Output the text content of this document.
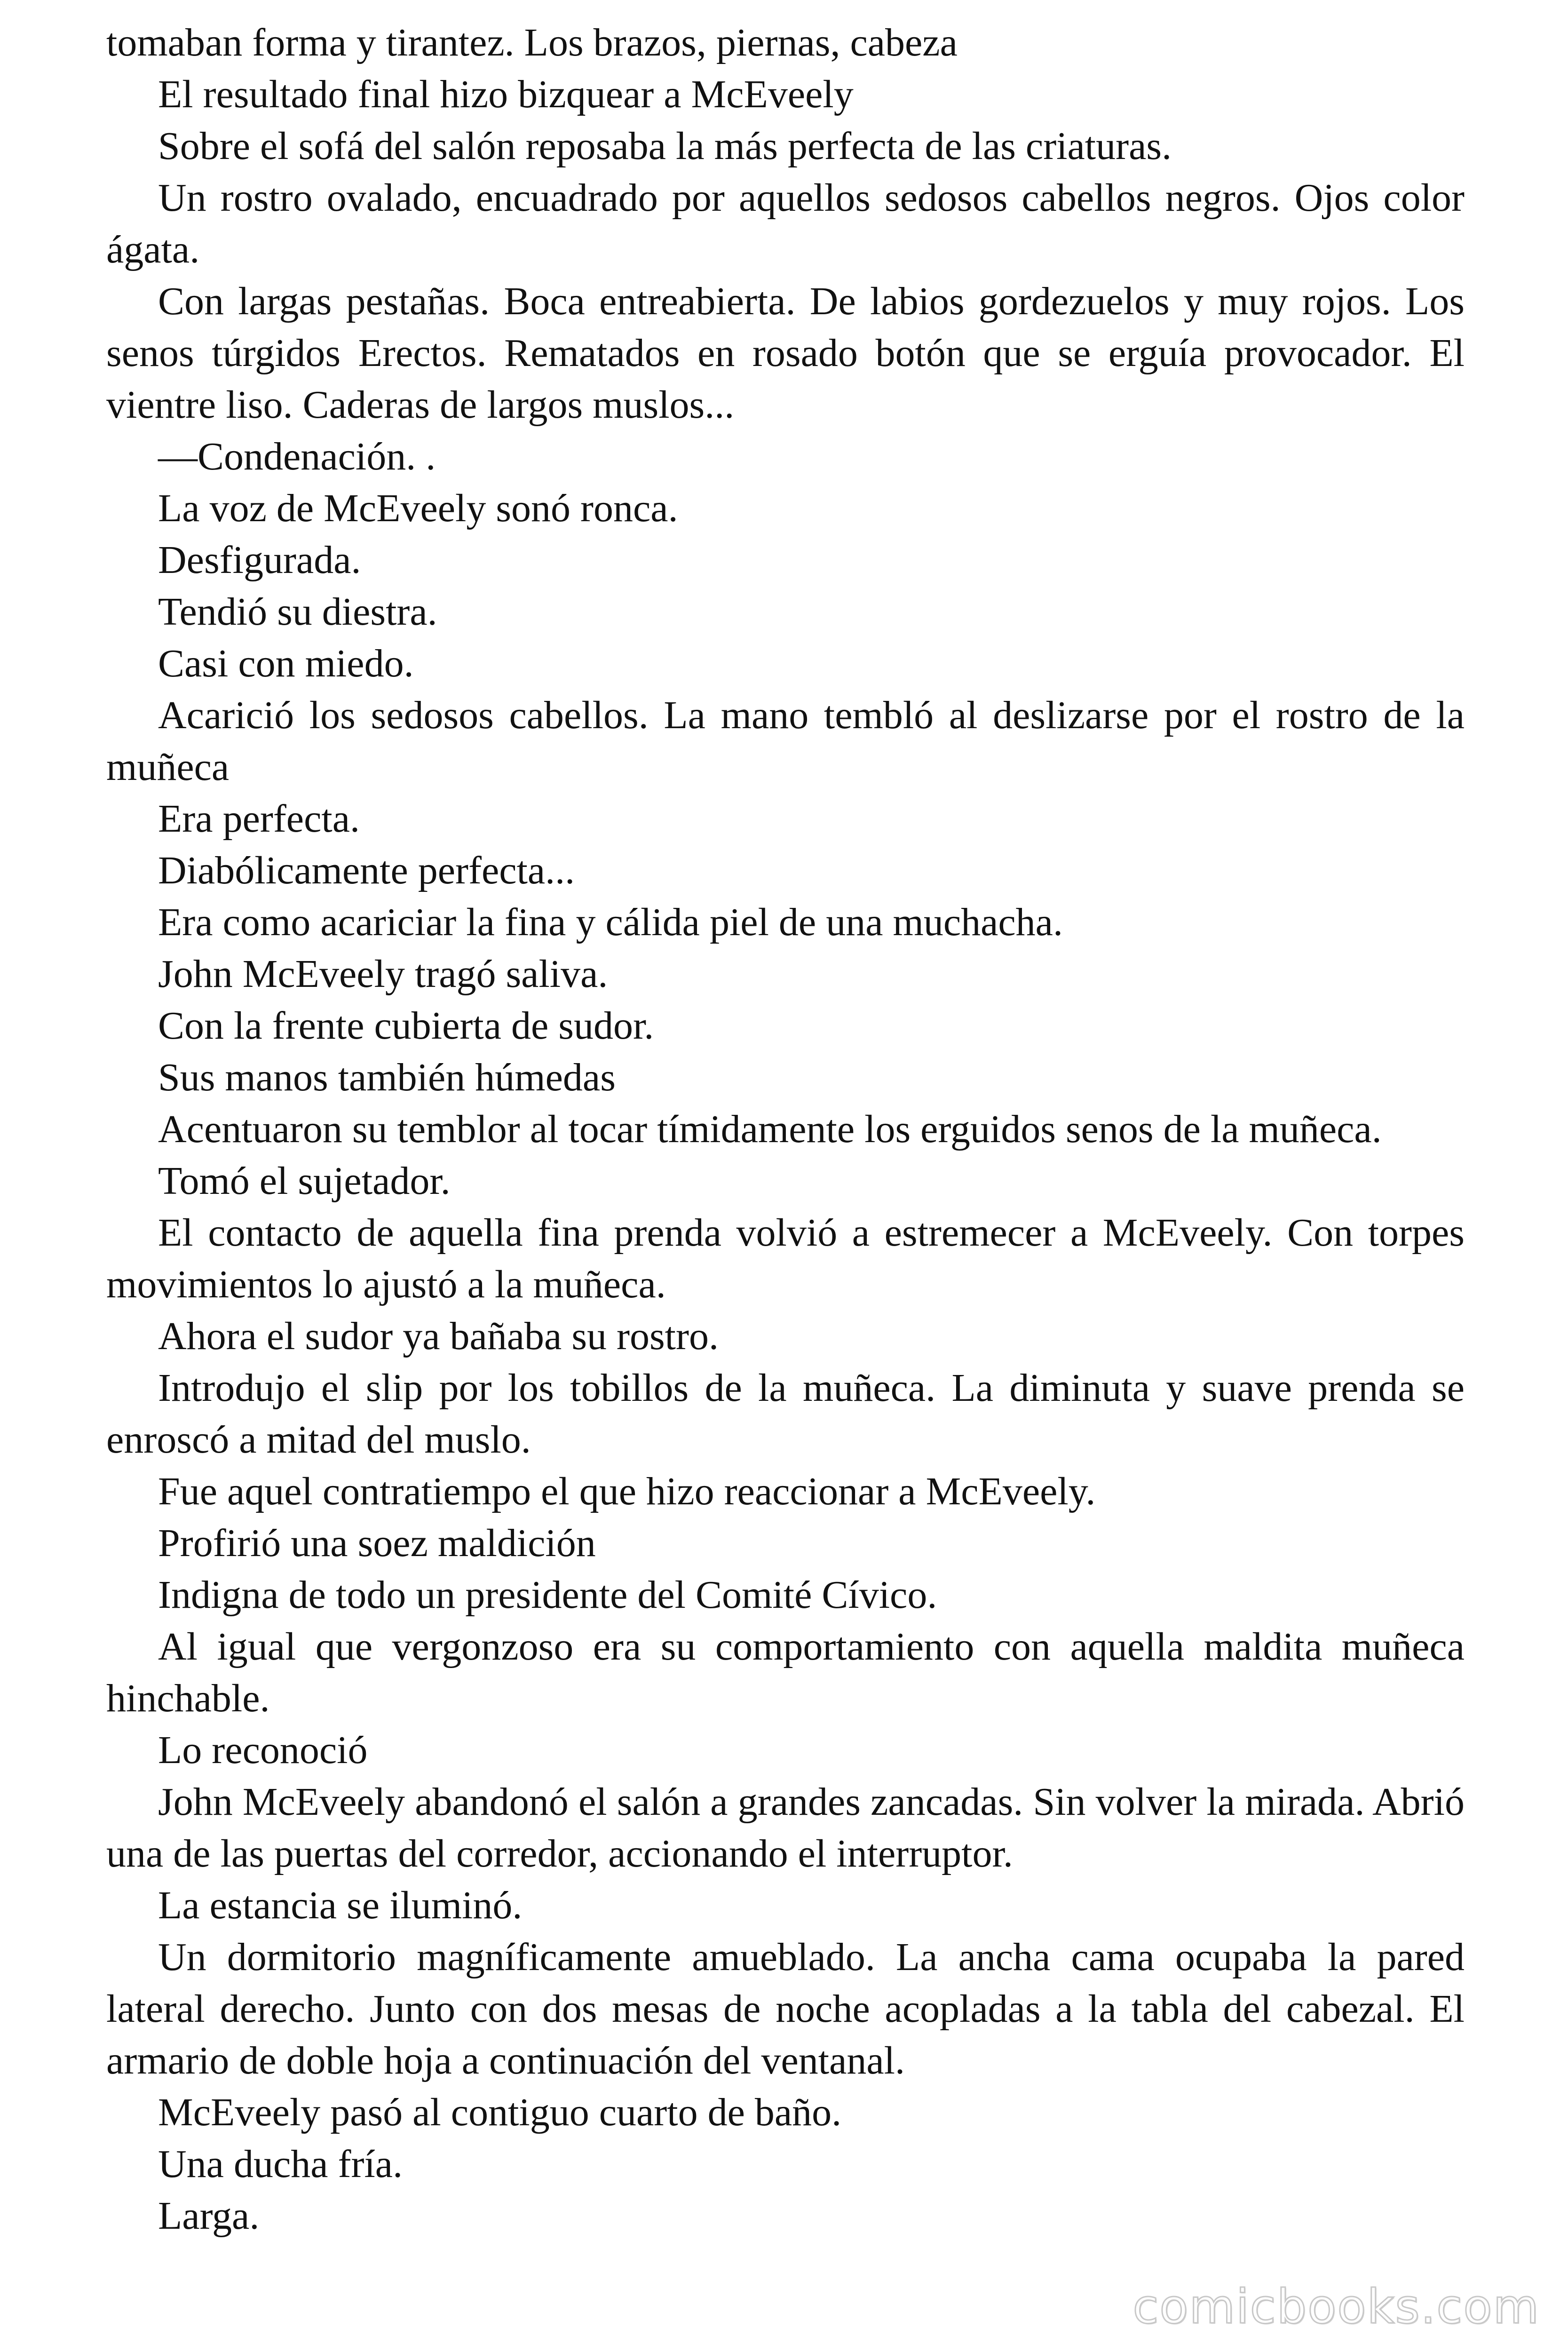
tomaban forma y tirantez. Los brazos, piernas, cabeza

El resultado final hizo bizquear a McEveely

Sobre el sofá del salón reposaba la más perfecta de las criaturas.

Un rostro ovalado, encuadrado por aquellos sedosos cabellos negros. Ojos color ágata.

Con largas pestañas. Boca entreabierta. De labios gordezuelos y muy rojos. Los senos túrgidos Erectos. Rematados en rosado botón que se erguía provocador. El vientre liso. Caderas de largos muslos...

—Condenación. .

La voz de McEveely sonó ronca.

Desfigurada.

Tendió su diestra.

Casi con miedo.

Acarició los sedosos cabellos. La mano tembló al deslizarse por el rostro de la muñeca

Era perfecta.

Diabólicamente perfecta...

Era como acariciar la fina y cálida piel de una muchacha.

John McEveely tragó saliva.

Con la frente cubierta de sudor.

Sus manos también húmedas

Acentuaron su temblor al tocar tímidamente los erguidos senos de la muñeca.

Tomó el sujetador.

El contacto de aquella fina prenda volvió a estremecer a McEveely. Con torpes movimientos lo ajustó a la muñeca.

Ahora el sudor ya bañaba su rostro.

Introdujo el slip por los tobillos de la muñeca. La diminuta y suave prenda se enroscó a mitad del muslo.

Fue aquel contratiempo el que hizo reaccionar a McEveely.

Profirió una soez maldición

Indigna de todo un presidente del Comité Cívico.

Al igual que vergonzoso era su comportamiento con aquella maldita muñeca hinchable.

Lo reconoció

John McEveely abandonó el salón a grandes zancadas. Sin volver la mirada. Abrió una de las puertas del corredor, accionando el interruptor.

La estancia se iluminó.

Un dormitorio magníficamente amueblado. La ancha cama ocupaba la pared lateral derecho. Junto con dos mesas de noche acopladas a la tabla del cabezal. El armario de doble hoja a continuación del ventanal.

McEveely pasó al contiguo cuarto de baño.

Una ducha fría.

Larga.

comicbooks.com
